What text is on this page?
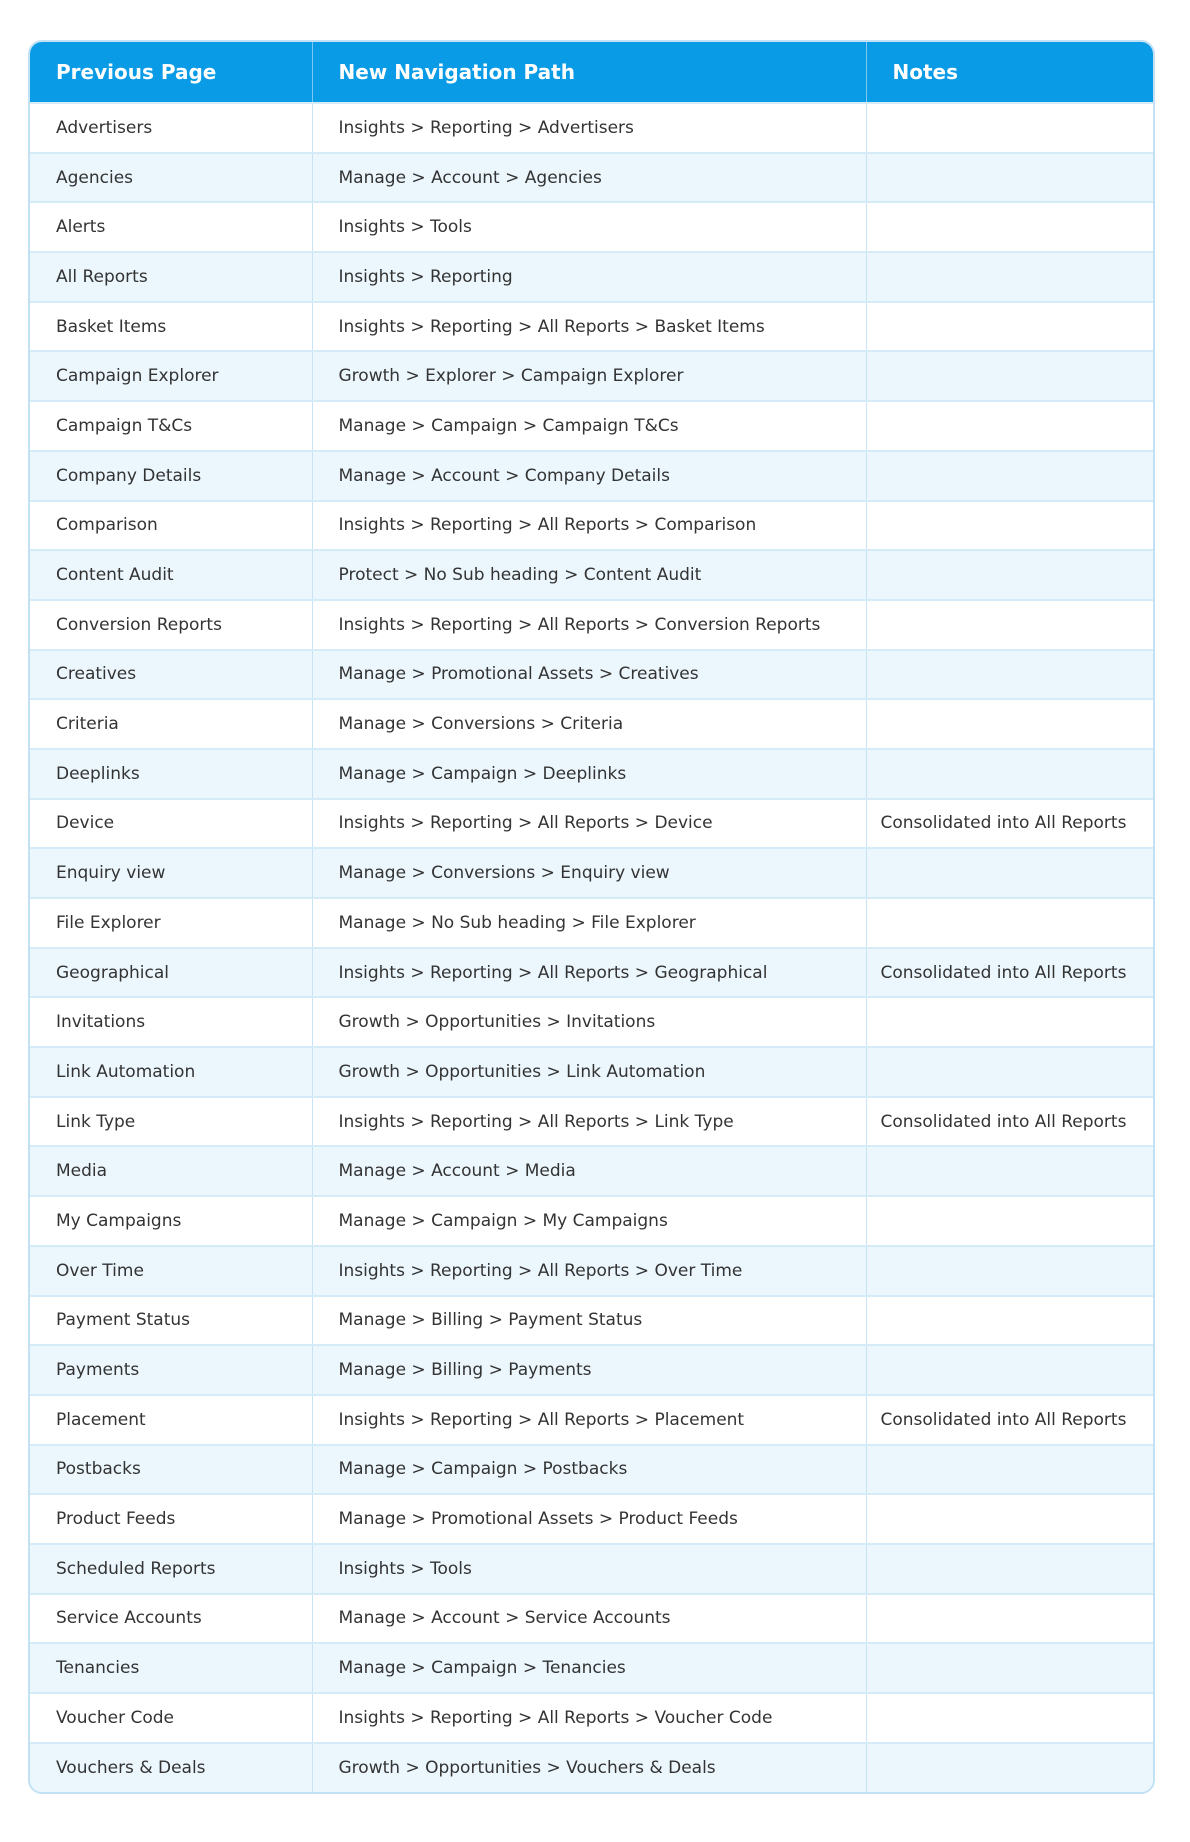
Previous Page	New Navigation Path	Notes
Advertisers	Insights > Reporting > Advertisers	
Agencies	Manage > Account > Agencies	
Alerts	Insights > Tools	
All Reports	Insights > Reporting	
Basket Items	Insights > Reporting > All Reports > Basket Items	
Campaign Explorer	Growth > Explorer > Campaign Explorer	
Campaign T&Cs	Manage > Campaign > Campaign T&Cs	
Company Details	Manage > Account > Company Details	
Comparison	Insights > Reporting > All Reports > Comparison	
Content Audit	Protect > No Sub heading > Content Audit	
Conversion Reports	Insights > Reporting > All Reports > Conversion Reports	
Creatives	Manage > Promotional Assets > Creatives	
Criteria	Manage > Conversions > Criteria	
Deeplinks	Manage > Campaign > Deeplinks	
Device	Insights > Reporting > All Reports > Device	Consolidated into All Reports
Enquiry view	Manage > Conversions > Enquiry view	
File Explorer	Manage > No Sub heading > File Explorer	
Geographical	Insights > Reporting > All Reports > Geographical	Consolidated into All Reports
Invitations	Growth > Opportunities > Invitations	
Link Automation	Growth > Opportunities > Link Automation	
Link Type	Insights > Reporting > All Reports > Link Type	Consolidated into All Reports
Media	Manage > Account > Media	
My Campaigns	Manage > Campaign > My Campaigns	
Over Time	Insights > Reporting > All Reports > Over Time	
Payment Status	Manage > Billing > Payment Status	
Payments	Manage > Billing > Payments	
Placement	Insights > Reporting > All Reports > Placement	Consolidated into All Reports
Postbacks	Manage > Campaign > Postbacks	
Product Feeds	Manage > Promotional Assets > Product Feeds	
Scheduled Reports	Insights > Tools	
Service Accounts	Manage > Account > Service Accounts	
Tenancies	Manage > Campaign > Tenancies	
Voucher Code	Insights > Reporting > All Reports > Voucher Code	
Vouchers & Deals	Growth > Opportunities > Vouchers & Deals	
